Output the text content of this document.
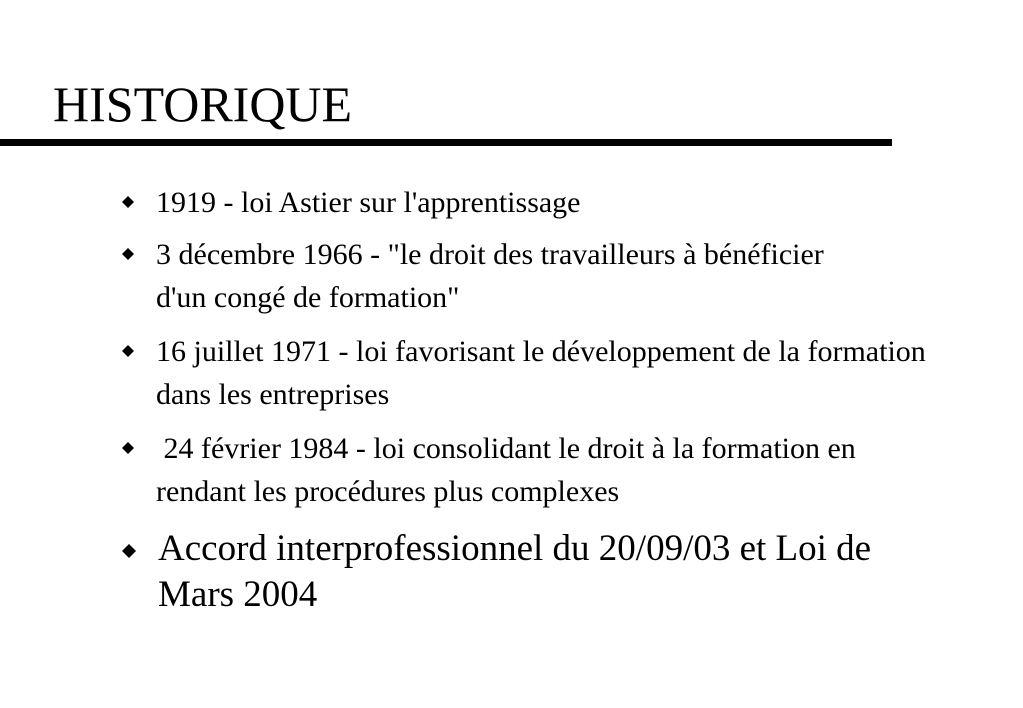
HISTORIQUE
1919 - loi Astier sur l'apprentissage
3 décembre 1966 - "le droit des travailleurs à bénéficier d'un congé de formation"
16 juillet 1971 - loi favorisant le développement de la formation dans les entreprises
24 février 1984 - loi consolidant le droit à la formation en rendant les procédures plus complexes
Accord interprofessionnel du 20/09/03 et Loi de Mars 2004
